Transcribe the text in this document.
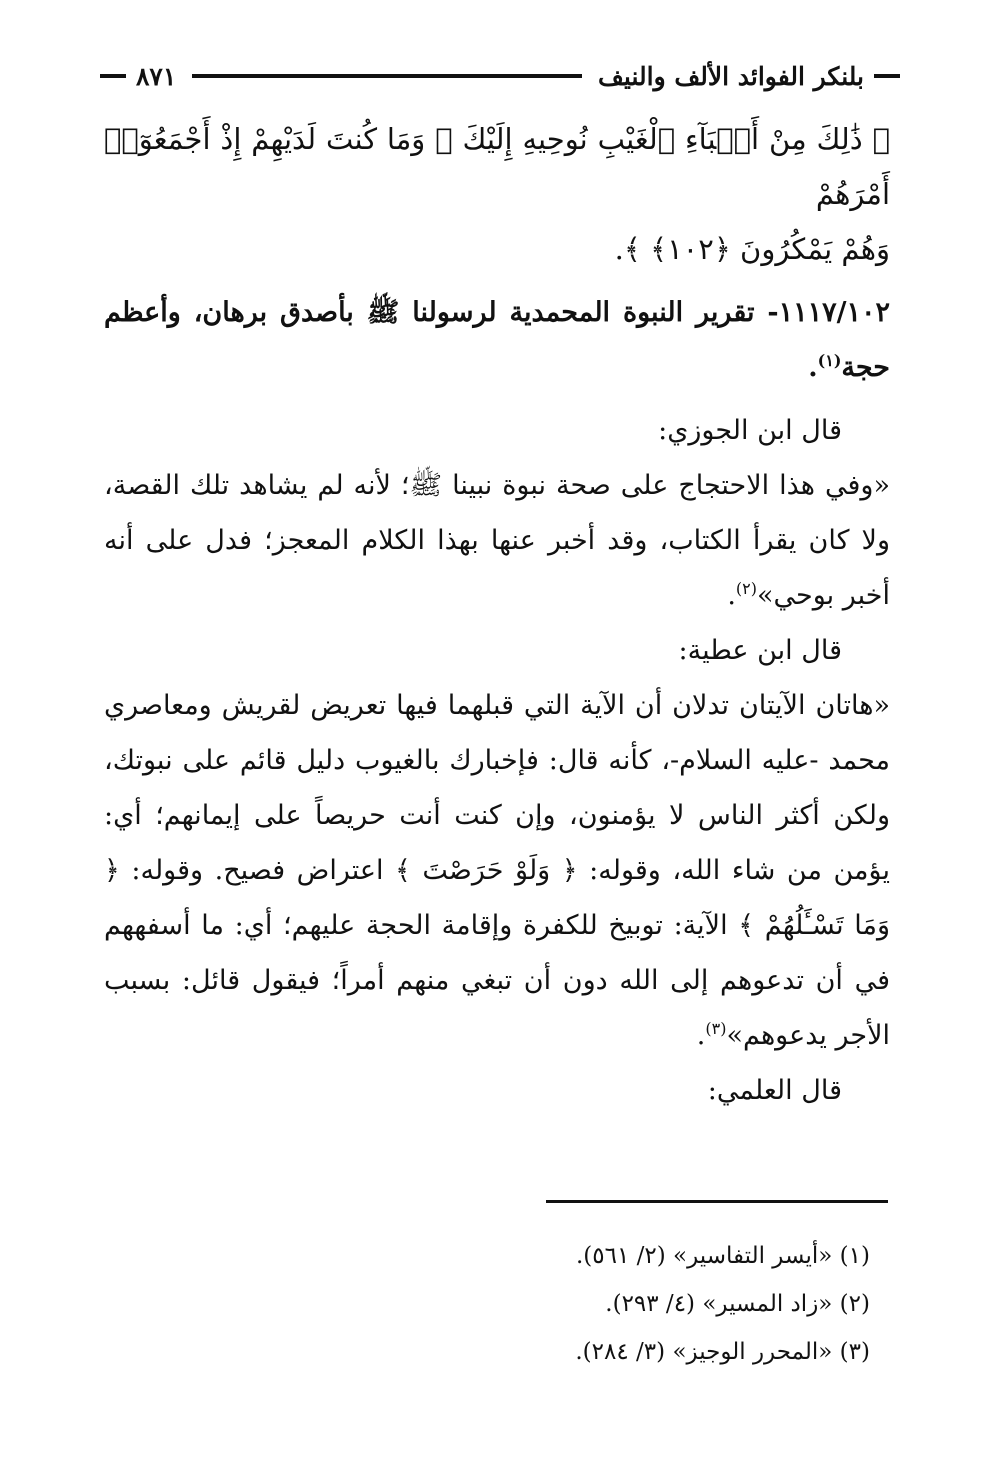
بلنكر الفوائد الألف والنيف
٨٧١

﴿ ذَٰلِكَ مِنْ أَنۢبَآءِ ٱلْغَيْبِ نُوحِيهِ إِلَيْكَ ۖ وَمَا كُنتَ لَدَيْهِمْ إِذْ أَجْمَعُوٓا۟ أَمْرَهُمْ

وَهُمْ يَمْكُرُونَ ﴿١٠٢﴾ ﴾.

١١١٧/١٠٢- تقرير النبوة المحمدية لرسولنا ﷺ بأصدق برهان، وأعظم حجة$^{(١)}$.

قال ابن الجوزي:

«وفي هذا الاحتجاج على صحة نبوة نبينا ﷺ؛ لأنه لم يشاهد تلك القصة، ولا كان يقرأ الكتاب، وقد أخبر عنها بهذا الكلام المعجز؛ فدل على أنه أخبر بوحي»$^{(٢)}$.

قال ابن عطية:

«هاتان الآيتان تدلان أن الآية التي قبلهما فيها تعريض لقريش ومعاصري محمد -عليه السلام-، كأنه قال: فإخبارك بالغيوب دليل قائم على نبوتك، ولكن أكثر الناس لا يؤمنون، وإن كنت أنت حريصاً على إيمانهم؛ أي: يؤمن من شاء الله، وقوله: ﴿ وَلَوْ حَرَصْتَ ﴾ اعتراض فصيح. وقوله: ﴿ وَمَا تَسْـَٔلُهُمْ ﴾ الآية: توبيخ للكفرة وإقامة الحجة عليهم؛ أي: ما أسفههم في أن تدعوهم إلى الله دون أن تبغي منهم أمراً؛ فيقول قائل: بسبب الأجر يدعوهم»$^{(٣)}$.

قال العلمي:

(١) «أيسر التفاسير» (٢/ ٥٦١).

(٢) «زاد المسير» (٤/ ٢٩٣).

(٣) «المحرر الوجيز» (٣/ ٢٨٤).
